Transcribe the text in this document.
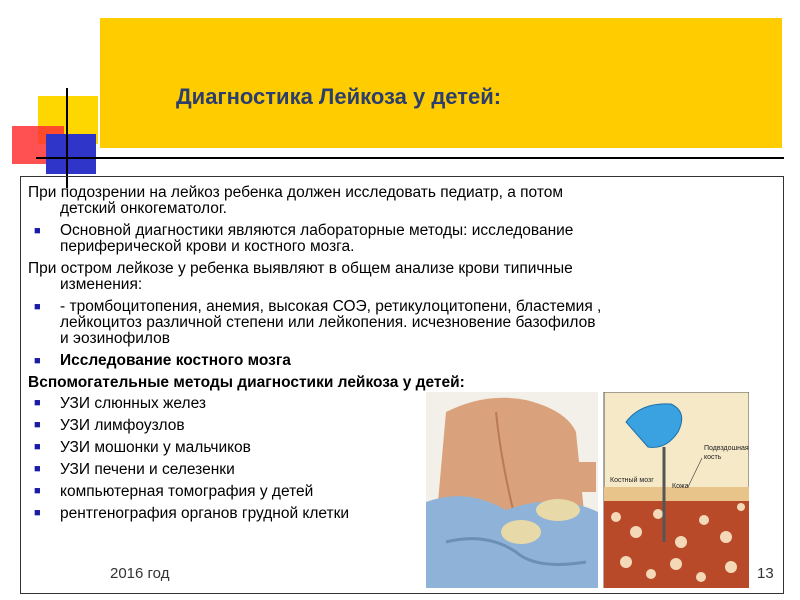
Диагностика Лейкоза у детей:
При подозрении на лейкоз ребенка должен исследовать педиатр, а потом
детский онкогематолог.
■ Основной диагностики являются лабораторные методы: исследование
периферической крови и костного мозга.
При остром лейкозе у ребенка выявляют в общем анализе крови типичные
изменения:
■ - тромбоцитопения, анемия, высокая СОЭ, ретикулоцитопени, бластемия ,
лейкоцитоз различной степени или лейкопения. исчезновение базофилов
и эозинофилов
■ Исследование костного мозга
Вспомогательные методы диагностики лейкоза у детей:
■ УЗИ слюнных желез
■ УЗИ лимфоузлов
■ УЗИ мошонки у мальчиков
■ УЗИ печени и селезенки
■ компьютерная томография у детей
■ рентгенография органов грудной клетки
Подвздошная кость
Костный мозг
Кожа
2016 год	13
